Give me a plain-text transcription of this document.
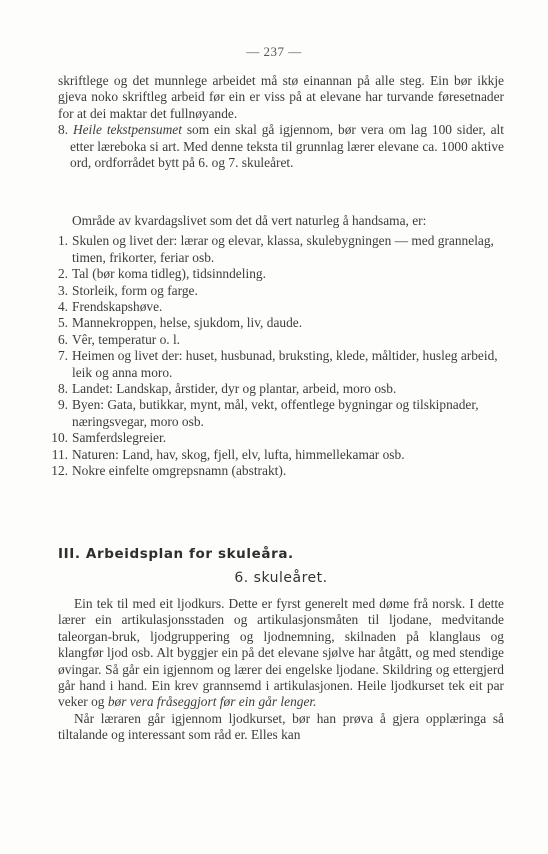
— 237 —
skriftlege og det munnlege arbeidet må stø einannan på alle steg. Ein bør ikkje gjeva noko skriftleg arbeid før ein er viss på at elevane har turvande føresetnader for at dei maktar det fullnøyande.
8. Heile tekstpensumet som ein skal gå igjennom, bør vera om lag 100 sider, alt etter læreboka si art. Med denne teksta til grunnlag lærer elevane ca. 1000 aktive ord, ordforrådet bytt på 6. og 7. skuleåret.
Område av kvardagslivet som det då vert naturleg å handsama, er:
1. Skulen og livet der: lærar og elevar, klassa, skulebygningen — med grannelag, timen, frikorter, feriar osb.
2. Tal (bør koma tidleg), tidsinndeling.
3. Storleik, form og farge.
4. Frendskapshøve.
5. Mannekroppen, helse, sjukdom, liv, daude.
6. Vêr, temperatur o. l.
7. Heimen og livet der: huset, husbunad, bruksting, klede, måltider, husleg arbeid, leik og anna moro.
8. Landet: Landskap, årstider, dyr og plantar, arbeid, moro osb.
9. Byen: Gata, butikkar, mynt, mål, vekt, offentlege bygningar og tilskipnader, næringsvegar, moro osb.
10. Samferdslegreier.
11. Naturen: Land, hav, skog, fjell, elv, lufta, himmellekamar osb.
12. Nokre einfelte omgrepsnamn (abstrakt).
III. Arbeidsplan for skuleåra.
6. skuleåret.
Ein tek til med eit ljodkurs. Dette er fyrst generelt med døme frå norsk. I dette lærer ein artikulasjonsstaden og artikulasjonsmåten til ljodane, medvitande taleorgan-bruk, ljodgruppering og ljodnemning, skilnaden på klanglaus og klangfør ljod osb. Alt byggjer ein på det elevane sjølve har åtgått, og med stendige øvingar. Så går ein igjennom og lærer dei engelske ljodane. Skildring og ettergjerd går hand i hand. Ein krev grannsemd i artikulasjonen. Heile ljodkurset tek eit par veker og bør vera fråseggjort før ein går lenger.
Når læraren går igjennom ljodkurset, bør han prøva å gjera opplæringa så tiltalande og interessant som råd er. Elles kan
